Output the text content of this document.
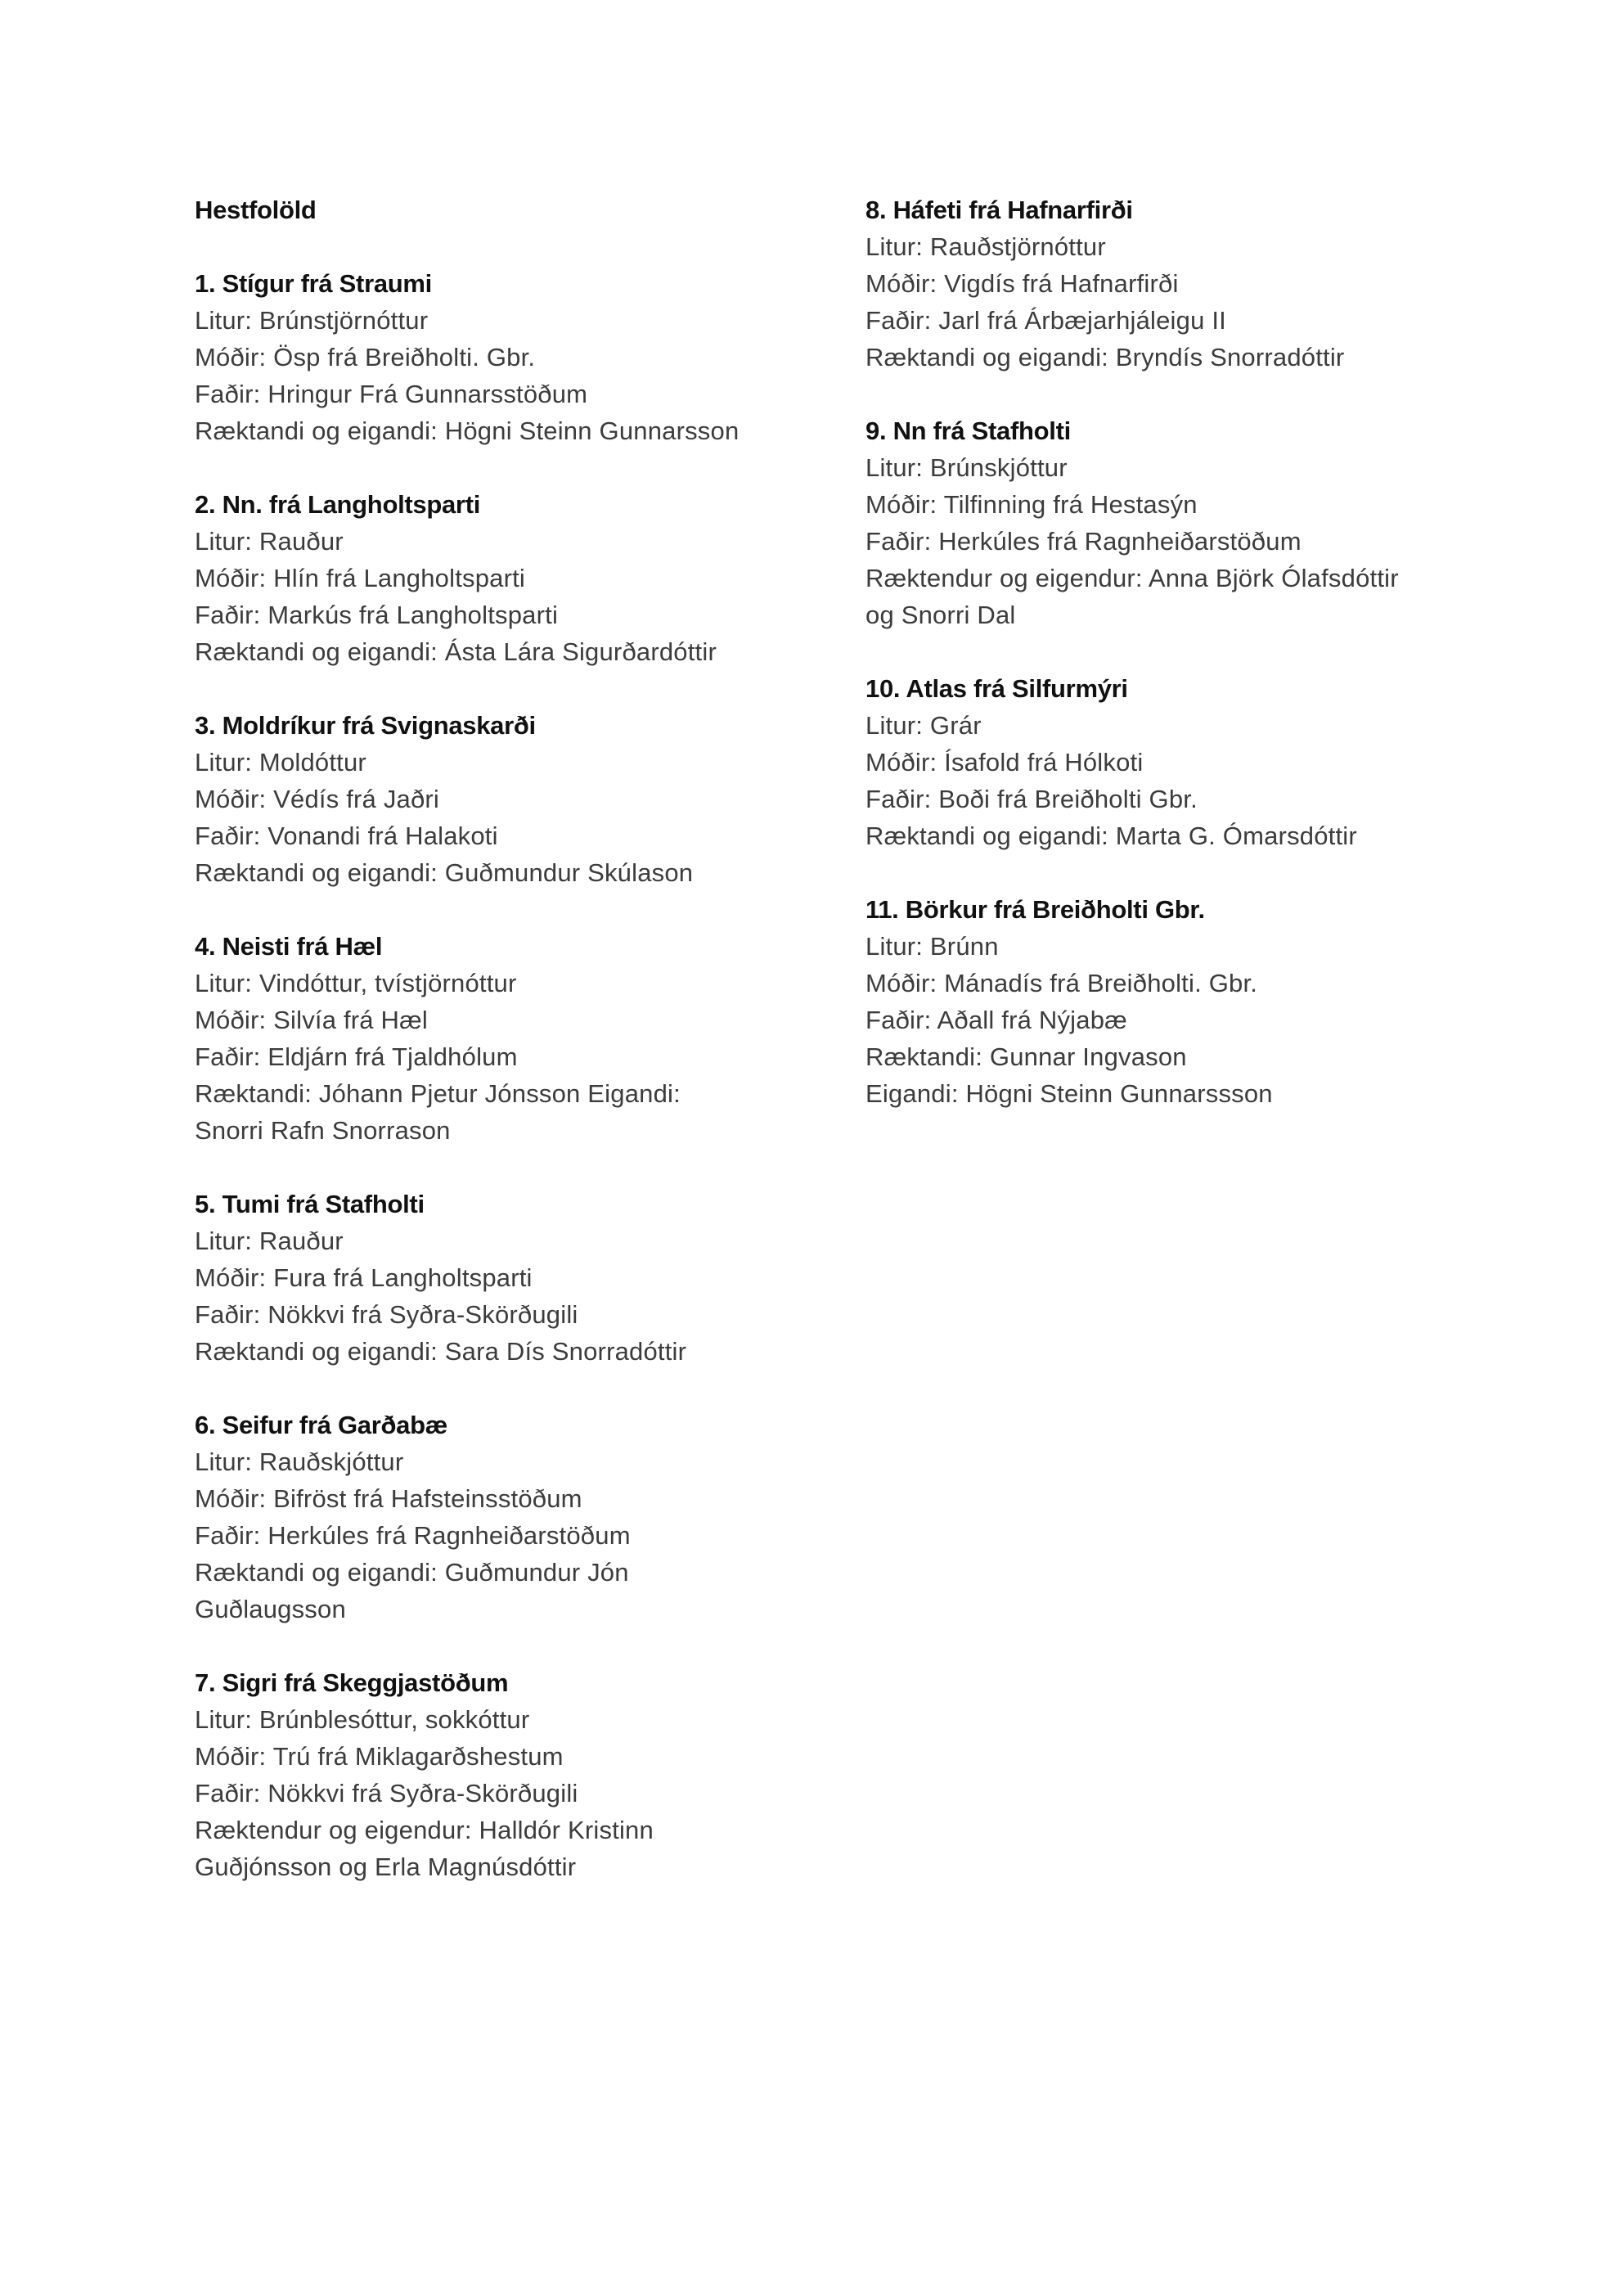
Hestfolöld
1. Stígur frá Straumi
Litur: Brúnstjörnóttur
Móðir: Ösp frá Breiðholti. Gbr.
Faðir: Hringur Frá Gunnarsstöðum
Ræktandi og eigandi: Högni Steinn Gunnarsson
2. Nn. frá Langholtsparti
Litur: Rauður
Móðir: Hlín frá Langholtsparti
Faðir: Markús frá Langholtsparti
Ræktandi og eigandi: Ásta Lára Sigurðardóttir
3. Moldríkur frá Svignaskarði
Litur: Moldóttur
Móðir: Védís frá Jaðri
Faðir: Vonandi frá Halakoti
Ræktandi og eigandi: Guðmundur Skúlason
4. Neisti frá Hæl
Litur: Vindóttur, tvístjörnóttur
Móðir: Silvía frá Hæl
Faðir: Eldjárn frá Tjaldhólum
Ræktandi: Jóhann Pjetur Jónsson Eigandi:
Snorri Rafn Snorrason
5. Tumi frá Stafholti
Litur: Rauður
Móðir: Fura frá Langholtsparti
Faðir: Nökkvi frá Syðra-Skörðugili
Ræktandi og eigandi: Sara Dís Snorradóttir
6. Seifur frá Garðabæ
Litur: Rauðskjóttur
Móðir: Bifröst frá Hafsteinsstöðum
Faðir: Herkúles frá Ragnheiðarstöðum
Ræktandi og eigandi: Guðmundur Jón
Guðlaugsson
7. Sigri frá Skeggjastöðum
Litur: Brúnblesóttur, sokkóttur
Móðir: Trú frá Miklagarðshestum
Faðir: Nökkvi frá Syðra-Skörðugili
Ræktendur og eigendur: Halldór Kristinn
Guðjónsson og Erla Magnúsdóttir
8. Háfeti frá Hafnarfirði
Litur: Rauðstjörnóttur
Móðir: Vigdís frá Hafnarfirði
Faðir: Jarl frá Árbæjarhjáleigu II
Ræktandi og eigandi: Bryndís Snorradóttir
9. Nn frá Stafholti
Litur: Brúnskjóttur
Móðir: Tilfinning frá Hestasýn
Faðir: Herkúles frá Ragnheiðarstöðum
Ræktendur og eigendur: Anna Björk Ólafsdóttir
og Snorri Dal
10. Atlas frá Silfurmýri
Litur: Grár
Móðir: Ísafold frá Hólkoti
Faðir: Boði frá Breiðholti Gbr.
Ræktandi og eigandi: Marta G. Ómarsdóttir
11. Börkur frá Breiðholti Gbr.
Litur: Brúnn
Móðir: Mánadís frá Breiðholti. Gbr.
Faðir: Aðall frá Nýjabæ
Ræktandi: Gunnar Ingvason
Eigandi: Högni Steinn Gunnarssson
